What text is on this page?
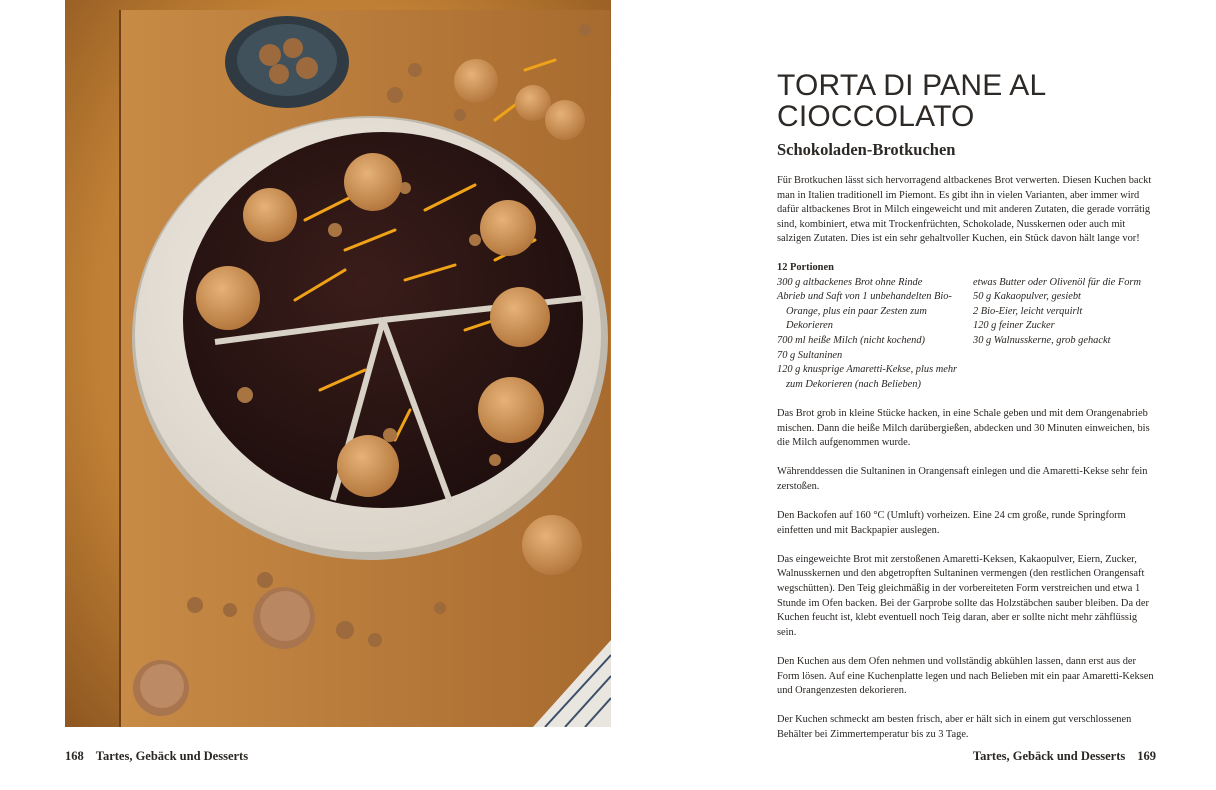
168 Tartes, Gebäck und Desserts
TORTA DI PANE AL
CIOCCOLATO
Schokoladen-Brotkuchen

Für Brotkuchen lässt sich hervorragend altbackenes Brot verwerten. Diesen Kuchen backt man in Italien traditionell im Piemont. Es gibt ihn in vielen Varianten, aber immer wird dafür altbackenes Brot in Milch eingeweicht und mit anderen Zutaten, die gerade vorrätig sind, kombiniert, etwa mit Trockenfrüchten, Schokolade, Nusskernen oder auch mit salzigen Zutaten. Dies ist ein sehr gehaltvoller Kuchen, ein Stück davon hält lange vor!

12 Portionen
300 g altbackenes Brot ohne Rinde
Abrieb und Saft von 1 unbehandelten Bio-Orange, plus ein paar Zesten zum Dekorieren
700 ml heiße Milch (nicht kochend)
70 g Sultaninen
120 g knusprige Amaretti-Kekse, plus mehr zum Dekorieren (nach Belieben)
etwas Butter oder Olivenöl für die Form
50 g Kakaopulver, gesiebt
2 Bio-Eier, leicht verquirlt
120 g feiner Zucker
30 g Walnusskerne, grob gehackt

Das Brot grob in kleine Stücke hacken, in eine Schale geben und mit dem Orangenabrieb mischen. Dann die heiße Milch darübergießen, abdecken und 30 Minuten einweichen, bis die Milch aufgenommen wurde.

Währenddessen die Sultaninen in Orangensaft einlegen und die Amaretti-Kekse sehr fein zerstoßen.

Den Backofen auf 160 °C (Umluft) vorheizen. Eine 24 cm große, runde Springform einfetten und mit Backpapier auslegen.

Das eingeweichte Brot mit zerstoßenen Amaretti-Keksen, Kakaopulver, Eiern, Zucker, Walnusskernen und den abgetropften Sultaninen vermengen (den restlichen Orangensaft wegschütten). Den Teig gleichmäßig in der vorbereiteten Form verstreichen und etwa 1 Stunde im Ofen backen. Bei der Garprobe sollte das Holzstäbchen sauber bleiben. Da der Kuchen feucht ist, klebt eventuell noch Teig daran, aber er sollte nicht mehr zähflüssig sein.

Den Kuchen aus dem Ofen nehmen und vollständig abkühlen lassen, dann erst aus der Form lösen. Auf eine Kuchenplatte legen und nach Belieben mit ein paar Amaretti-Keksen und Orangenzesten dekorieren.

Der Kuchen schmeckt am besten frisch, aber er hält sich in einem gut verschlossenen Behälter bei Zimmertemperatur bis zu 3 Tage.

Tartes, Gebäck und Desserts 169
